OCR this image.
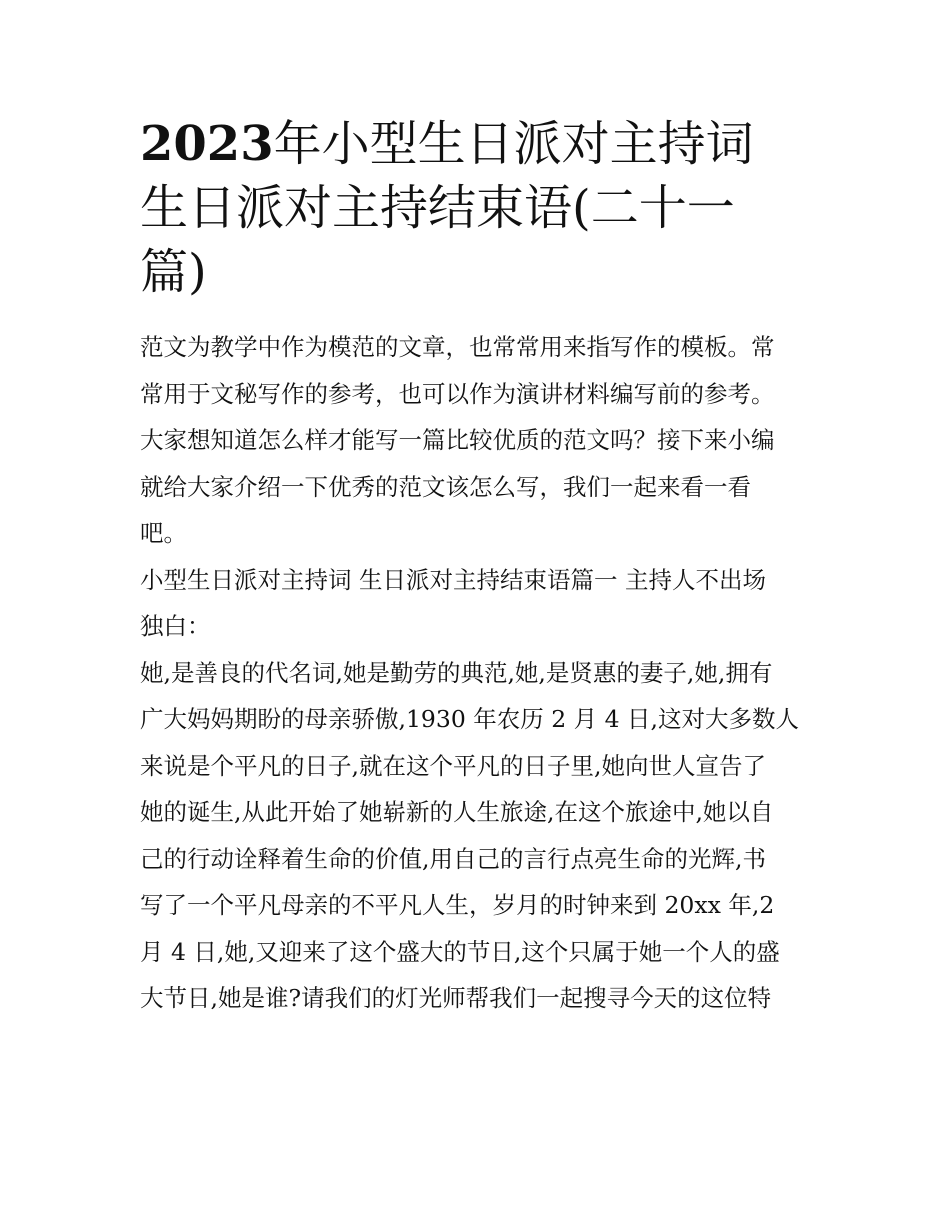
2023年小型生日派对主持词
生日派对主持结束语(二十一
篇)
范文为教学中作为模范的文章，也常常用来指写作的模板。常
常用于文秘写作的参考，也可以作为演讲材料编写前的参考。
大家想知道怎么样才能写一篇比较优质的范文吗？接下来小编
就给大家介绍一下优秀的范文该怎么写，我们一起来看一看
吧。
小型生日派对主持词 生日派对主持结束语篇一 主持人不出场
独白：
她,是善良的代名词,她是勤劳的典范,她,是贤惠的妻子,她,拥有
广大妈妈期盼的母亲骄傲,1930 年农历 2 月 4 日,这对大多数人
来说是个平凡的日子,就在这个平凡的日子里,她向世人宣告了
她的诞生,从此开始了她崭新的人生旅途,在这个旅途中,她以自
己的行动诠释着生命的价值,用自己的言行点亮生命的光辉,书
写了一个平凡母亲的不平凡人生，岁月的时钟来到 20xx 年,2
月 4 日,她,又迎来了这个盛大的节日,这个只属于她一个人的盛
大节日,她是谁?请我们的灯光师帮我们一起搜寻今天的这位特
